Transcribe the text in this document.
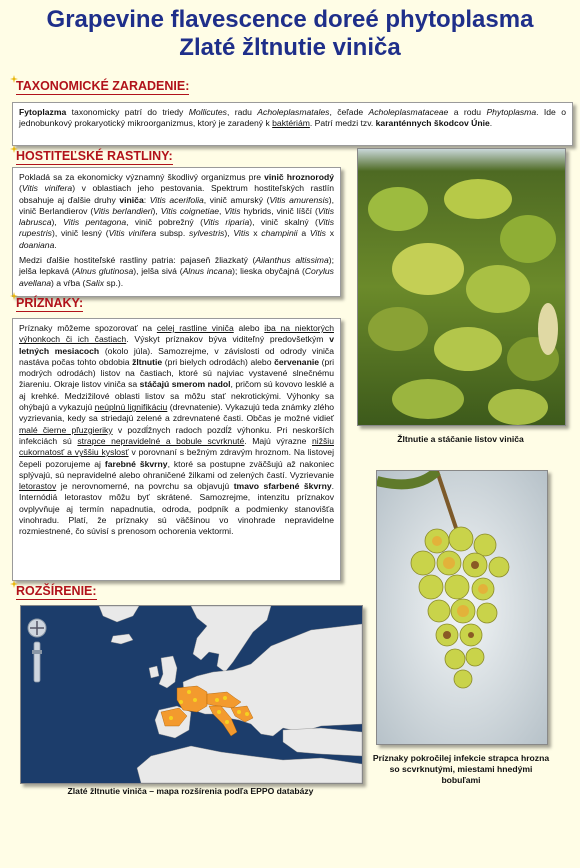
Grapevine flavescence doreé phytoplasma
Zlaté žltnutie viniča
TAXONOMICKÉ ZARADENIE:

Fytoplazma taxonomicky patrí do triedy Mollicutes, radu Acholeplasmatales, čeľade Acholeplasmataceae a rodu Phytoplasma. Ide o jednobunkový prokaryotický mikroorganizmus, ktorý je zaradený k baktériám. Patrí medzi tzv. karanténnych škodcov Únie.

HOSTITEĽSKÉ RASTLINY:

Pokladá sa za ekonomicky významný škodlivý organizmus pre vinič hroznorodý (Vitis vinifera) v oblastiach jeho pestovania. Spektrum hostiteľských rastlín obsahuje aj ďalšie druhy viniča: Vitis acerifolia, vinič amurský (Vitis amurensis), vinič Berlandierov (Vitis berlandieri), Vitis coignetiae, Vitis hybrids, vinič líščí (Vitis labrusca), Vitis pentagona, vinič pobrežný (Vitis riparia), vinič skalný (Vitis rupestris), vinič lesný (Vitis vinifera subsp. sylvestris), Vitis x champinii a Vitis x doaniana.

Medzi ďalšie hostiteľské rastliny patria: pajaseň žliazkatý (Ailanthus altissima); jelša lepkavá (Alnus glutinosa), jelša sivá (Alnus incana); lieska obyčajná (Corylus avellana) a vŕba (Salix sp.).

PRÍZNAKY:

Príznaky môžeme spozorovať na celej rastline viniča alebo iba na niektorých výhonkoch či ich častiach. Výskyt príznakov býva viditeľný predovšetkým v letných mesiacoch (okolo júla). Samozrejme, v závislosti od odrody viniča nastáva počas tohto obdobia žltnutie (pri bielych odrodách) alebo červenanie (pri modrých odrodách) listov na častiach, ktoré sú najviac vystavené slnečnému žiareniu. Okraje listov viniča sa stáčajú smerom nadol, pričom sú kovovo lesklé a aj krehké. Medzižilové oblasti listov sa môžu stať nekrotickými. Výhonky sa ohýbajú a vykazujú neúplnú lignifikáciu (drevnatenie). Vykazujú teda známky zlého vyzrievania, kedy sa striedajú zelené a zdrevnatené časti. Občas je možné vidieť malé čierne pľuzgieriky v pozdĺžnych radoch pozdĺž výhonku. Pri neskorších infekciách sú strapce nepravidelné a bobule scvrknuté. Majú výrazne nižšiu cukornatosť a vyššiu kyslosť v porovnaní s bežným zdravým hroznom. Na listovej čepeli pozorujeme aj farebné škvrny, ktoré sa postupne zväčšujú až nakoniec splývajú, sú nepravidelné alebo ohraničené žilkami od zelených častí. Vyzrievanie letorastov je nerovnomerné, na povrchu sa objavujú tmavo sfarbené škvrny. Internódiá letorastov môžu byť skrátené. Samozrejme, intenzitu príznakov ovplyvňuje aj termín napadnutia, odroda, podpník a podmienky stanovišťa vinohradu. Platí, že príznaky sú väčšinou vo vinohrade nepravidelne rozmiestnené, čo súvisí s prenosom ochorenia vektormi.

ROZŠÍRENIE:
Zlaté žltnutie viniča – mapa rozšírenia podľa EPPO databázy
Žltnutie a stáčanie listov viniča
Príznaky pokročilej infekcie strapca hrozna so scvrknutými, miestami hnedými bobuľami
